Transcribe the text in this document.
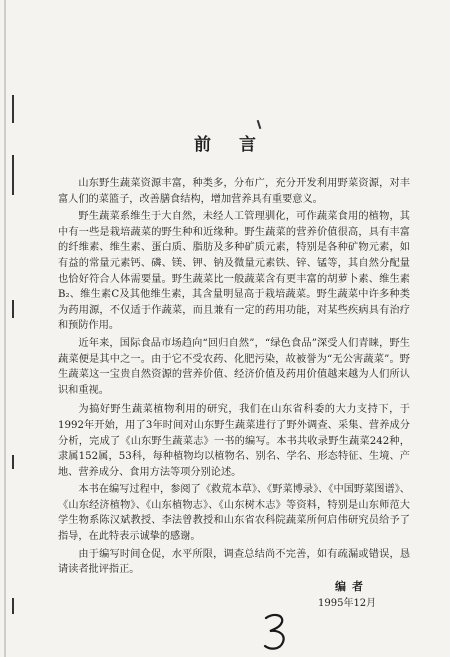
前言

山东野生蔬菜资源丰富，种类多，分布广，充分开发利用野菜资源，对丰富人们的菜篮子，改善膳食结构，增加营养具有重要意义。

野生蔬菜系维生于大自然，未经人工管理驯化，可作蔬菜食用的植物，其中有一些是栽培蔬菜的野生种和近缘种。野生蔬菜的营养价值很高，具有丰富的纤维素、维生素、蛋白质、脂肪及多种矿质元素，特别是各种矿物元素，如有益的常量元素钙、磷、镁、钾、钠及微量元素铁、锌、锰等，其自然分配量也恰好符合人体需要量。野生蔬菜比一般蔬菜含有更丰富的胡萝卜素、维生素B₂、维生素C及其他维生素，其含量明显高于栽培蔬菜。野生蔬菜中许多种类为药用源，不仅适于作蔬菜，而且兼有一定的药用功能，对某些疾病具有治疗和预防作用。

近年来，国际食品市场趋向“回归自然”，“绿色食品”深受人们青睐，野生蔬菜便是其中之一。由于它不受农药、化肥污染，故被誉为“无公害蔬菜”。野生蔬菜这一宝贵自然资源的营养价值、经济价值及药用价值越来越为人们所认识和重视。

为搞好野生蔬菜植物利用的研究，我们在山东省科委的大力支持下，于1992年开始，用了3年时间对山东野生蔬菜进行了野外调查、采集、营养成分分析，完成了《山东野生蔬菜志》一书的编写。本书共收录野生蔬菜242种，隶属152属，53科，每种植物均以植物名、别名、学名、形态特征、生境、产地、营养成分、食用方法等项分别论述。

本书在编写过程中，参阅了《救荒本草》、《野菜博录》、《中国野菜图谱》、《山东经济植物》、《山东植物志》、《山东树木志》等资料，特别是山东师范大学生物系陈汉斌教授、李法曾教授和山东省农科院蔬菜所何启伟研究员给予了指导，在此特表示诚挚的感谢。

由于编写时间仓促，水平所限，调查总结尚不完善，如有疏漏或错误，恳请读者批评指正。

编者
1995年12月
